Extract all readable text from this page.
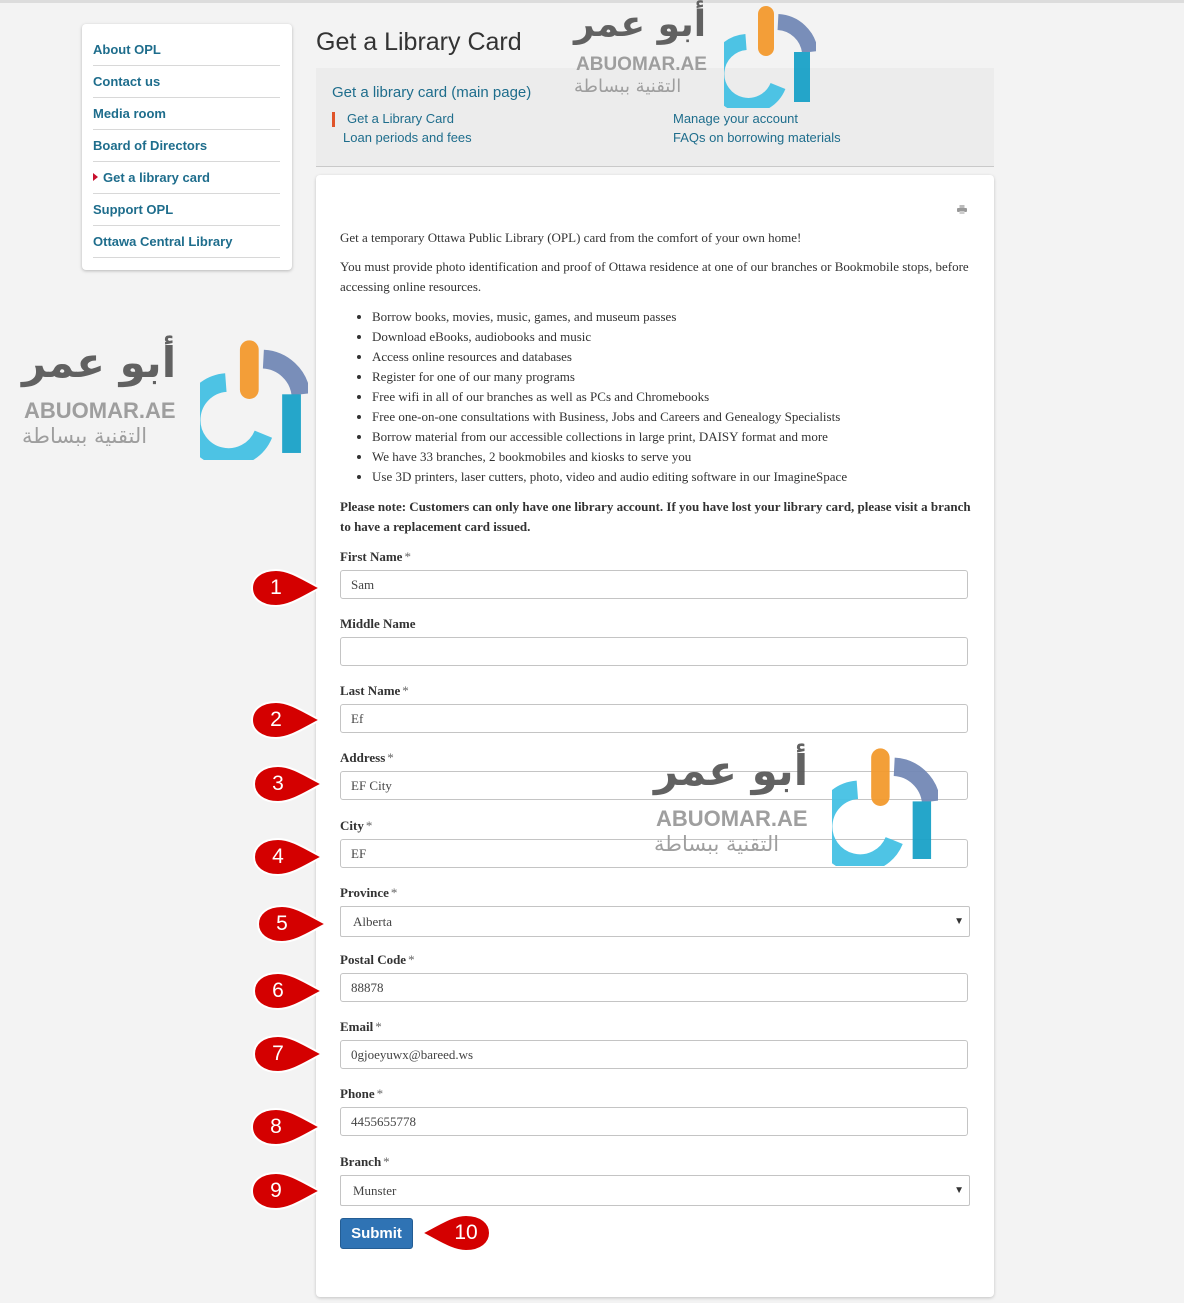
About OPL
Contact us
Media room
Board of Directors
Get a library card
Support OPL
Ottawa Central Library
Get a Library Card
Get a library card (main page)
Get a Library Card
Loan periods and fees
Manage your account
FAQs on borrowing materials

Get a temporary Ottawa Public Library (OPL) card from the comfort of your own home!

You must provide photo identification and proof of Ottawa residence at one of our branches or Bookmobile stops, before accessing online resources.

• Borrow books, movies, music, games, and museum passes
• Download eBooks, audiobooks and music
• Access online resources and databases
• Register for one of our many programs
• Free wifi in all of our branches as well as PCs and Chromebooks
• Free one-on-one consultations with Business, Jobs and Careers and Genealogy Specialists
• Borrow material from our accessible collections in large print, DAISY format and more
• We have 33 branches, 2 bookmobiles and kiosks to serve you
• Use 3D printers, laser cutters, photo, video and audio editing software in our ImagineSpace

Please note: Customers can only have one library account. If you have lost your library card, please visit a branch to have a replacement card issued.

First Name *
Sam
Middle Name
Last Name *
Ef
Address *
EF City
City *
EF
Province *
Alberta	▼
Postal Code *
88878
Email *
0gjoeyuwx@bareed.ws
Phone *
4455655778
Branch *
Munster	▼
Submit
1
2
3
4
5
6
7
8
9
10
أبو عمر
ABUOMAR.AE
التقنية ببساطة
أبو عمر
ABUOMAR.AE
التقنية ببساطة
أبو عمر
ABUOMAR.AE
التقنية ببساطة
